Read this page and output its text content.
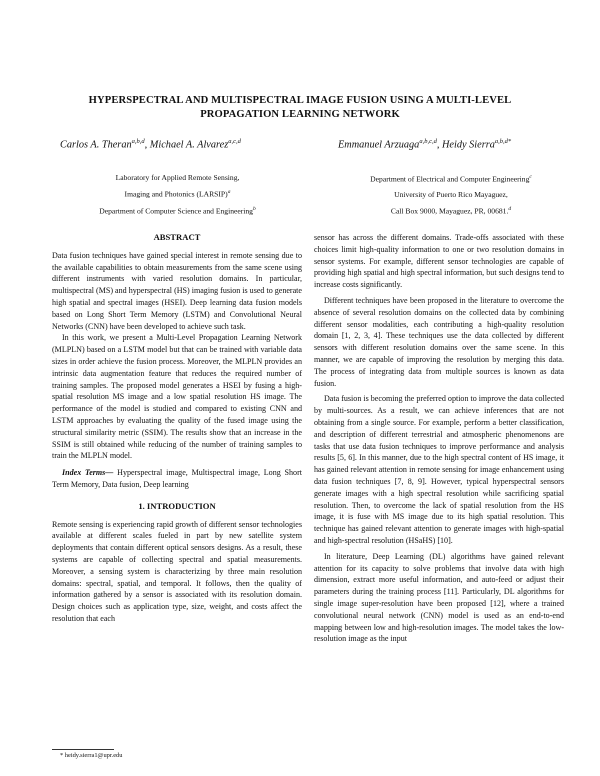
HYPERSPECTRAL AND MULTISPECTRAL IMAGE FUSION USING A MULTI-LEVEL
PROPAGATION LEARNING NETWORK
Carlos A. Theran$^{a,b,d}$, Michael A. Alvarez$^{a,c,d}$	Emmanuel Arzuaga$^{a,b,c,d}$, Heidy Sierra$^{a,b,d*}$
Laboratory for Applied Remote Sensing,
Imaging and Photonics (LARSIP)$^a$
Department of Computer Science and Engineering$^b$
Department of Electrical and Computer Engineering$^c$
University of Puerto Rico Mayaguez,
Call Box 9000, Mayaguez, PR, 00681.$^d$
ABSTRACT

Data fusion techniques have gained special interest in remote sensing due to the available capabilities to obtain measurements from the same scene using different instruments with varied resolution domains. In particular, multispectral (MS) and hyperspectral (HS) imaging fusion is used to generate high spatial and spectral images (HSEI). Deep learning data fusion models based on Long Short Term Memory (LSTM) and Convolutional Neural Networks (CNN) have been developed to achieve such task.

In this work, we present a Multi-Level Propagation Learning Network (MLPLN) based on a LSTM model but that can be trained with variable data sizes in order achieve the fusion process. Moreover, the MLPLN provides an intrinsic data augmentation feature that reduces the required number of training samples. The proposed model generates a HSEI by fusing a high-spatial resolution MS image and a low spatial resolution HS image. The performance of the model is studied and compared to existing CNN and LSTM approaches by evaluating the quality of the fused image using the structural similarity metric (SSIM). The results show that an increase in the SSIM is still obtained while reducing of the number of training samples to train the MLPLN model.

Index Terms— Hyperspectral image, Multispectral image, Long Short Term Memory, Data fusion, Deep learning

1. INTRODUCTION

Remote sensing is experiencing rapid growth of different sensor technologies available at different scales fueled in part by new satellite system deployments that contain different optical sensors designs. As a result, these systems are capable of collecting spectral and spatial measurements. Moreover, a sensing system is characterizing by three main resolution domains: spectral, spatial, and temporal. It follows, then the quality of information gathered by a sensor is associated with its resolution domain. Design choices such as application type, size, weight, and costs affect the resolution that each

sensor has across the different domains. Trade-offs associated with these choices limit high-quality information to one or two resolution domains in sensor systems. For example, different sensor technologies are capable of providing high spatial and high spectral information, but such designs tend to increase costs significantly.

Different techniques have been proposed in the literature to overcome the absence of several resolution domains on the collected data by combining different sensor modalities, each contributing a high-quality resolution domain [1, 2, 3, 4]. These techniques use the data collected by different sensors with different resolution domains over the same scene. In this manner, we are capable of improving the resolution by merging this data. The process of integrating data from multiple sources is known as data fusion.

Data fusion is becoming the preferred option to improve the data collected by multi-sources. As a result, we can achieve inferences that are not obtaining from a single source. For example, perform a better classification, and description of different terrestrial and atmospheric phenomenons are tasks that use data fusion techniques to improve performance and analysis results [5, 6]. In this manner, due to the high spectral content of HS image, it has gained relevant attention in remote sensing for image enhancement using data fusion techniques [7, 8, 9]. However, typical hyperspectral sensors generate images with a high spectral resolution while sacrificing spatial resolution. Then, to overcome the lack of spatial resolution from the HS image, it is fuse with MS image due to its high spatial resolution. This technique has gained relevant attention to generate images with high-spatial and high-spectral resolution (HSaHS) [10].

In literature, Deep Learning (DL) algorithms have gained relevant attention for its capacity to solve problems that involve data with high dimension, extract more useful information, and auto-feed or adjust their parameters during the training process [11]. Particularly, DL algorithms for single image super-resolution have been proposed [12], where a trained convolutional neural network (CNN) model is used as an end-to-end mapping between low and high-resolution images. The model takes the low-resolution image as the input

* heidy.sierra1@upr.edu
